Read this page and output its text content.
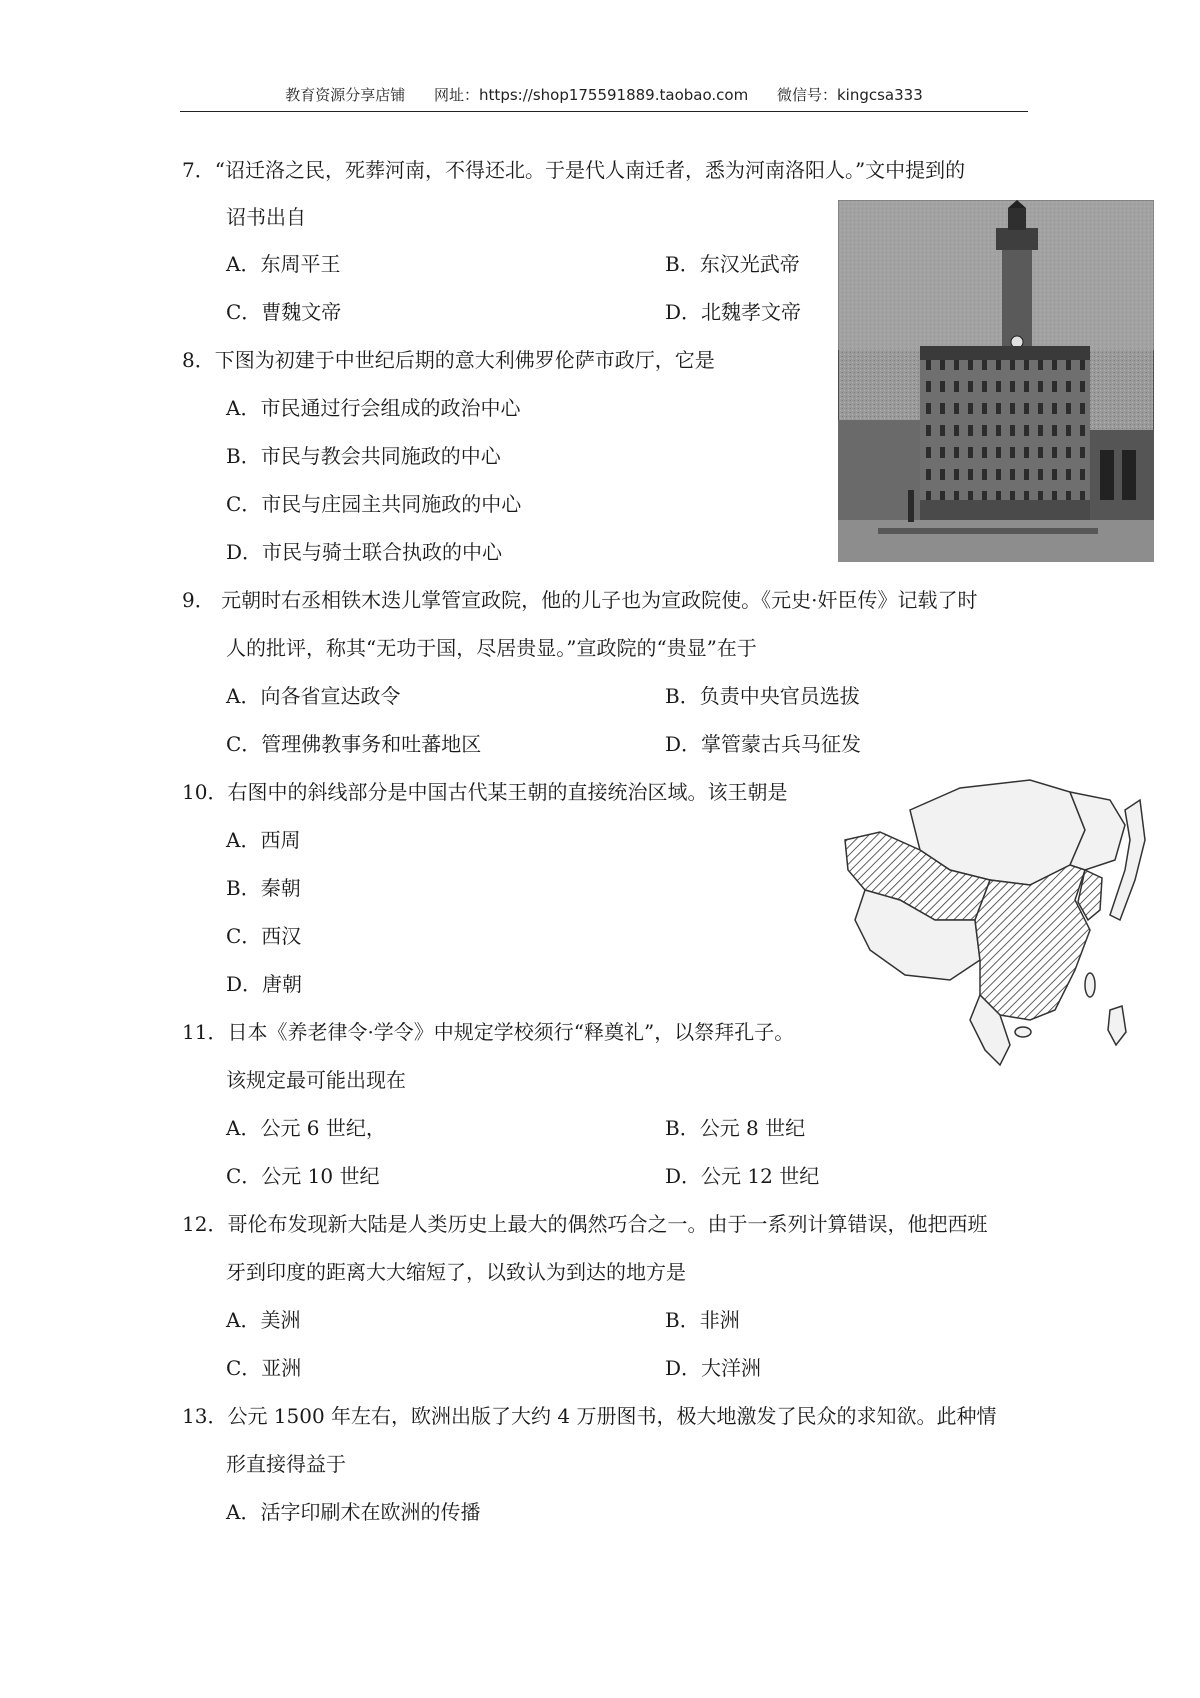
教育资源分享店铺 网址：https://shop175591889.taobao.com 微信号：kingcsa333
7．“诏迁洛之民，死葬河南，不得还北。于是代人南迁者，悉为河南洛阳人。”文中提到的
诏书出自
A．东周平王	B．东汉光武帝
C．曹魏文帝	D．北魏孝文帝
8．下图为初建于中世纪后期的意大利佛罗伦萨市政厅，它是
A．市民通过行会组成的政治中心
B．市民与教会共同施政的中心
C．市民与庄园主共同施政的中心
D．市民与骑士联合执政的中心
9． 元朝时右丞相铁木迭儿掌管宣政院，他的儿子也为宣政院使。《元史·奸臣传》记载了时
人的批评，称其“无功于国，尽居贵显。”宣政院的“贵显”在于
A．向各省宣达政令	B．负责中央官员选拔
C．管理佛教事务和吐蕃地区	D．掌管蒙古兵马征发
10．右图中的斜线部分是中国古代某王朝的直接统治区域。该王朝是
A．西周
B．秦朝
C．西汉
D．唐朝
11．日本《养老律令·学令》中规定学校须行“释奠礼”，以祭拜孔子。
该规定最可能出现在
A．公元 6 世纪，	B．公元 8 世纪
C．公元 10 世纪	D．公元 12 世纪
12．哥伦布发现新大陆是人类历史上最大的偶然巧合之一。由于一系列计算错误，他把西班
牙到印度的距离大大缩短了，以致认为到达的地方是
A．美洲	B．非洲
C．亚洲	D．大洋洲
13．公元 1500 年左右，欧洲出版了大约 4 万册图书，极大地激发了民众的求知欲。此种情
形直接得益于
A．活字印刷术在欧洲的传播
